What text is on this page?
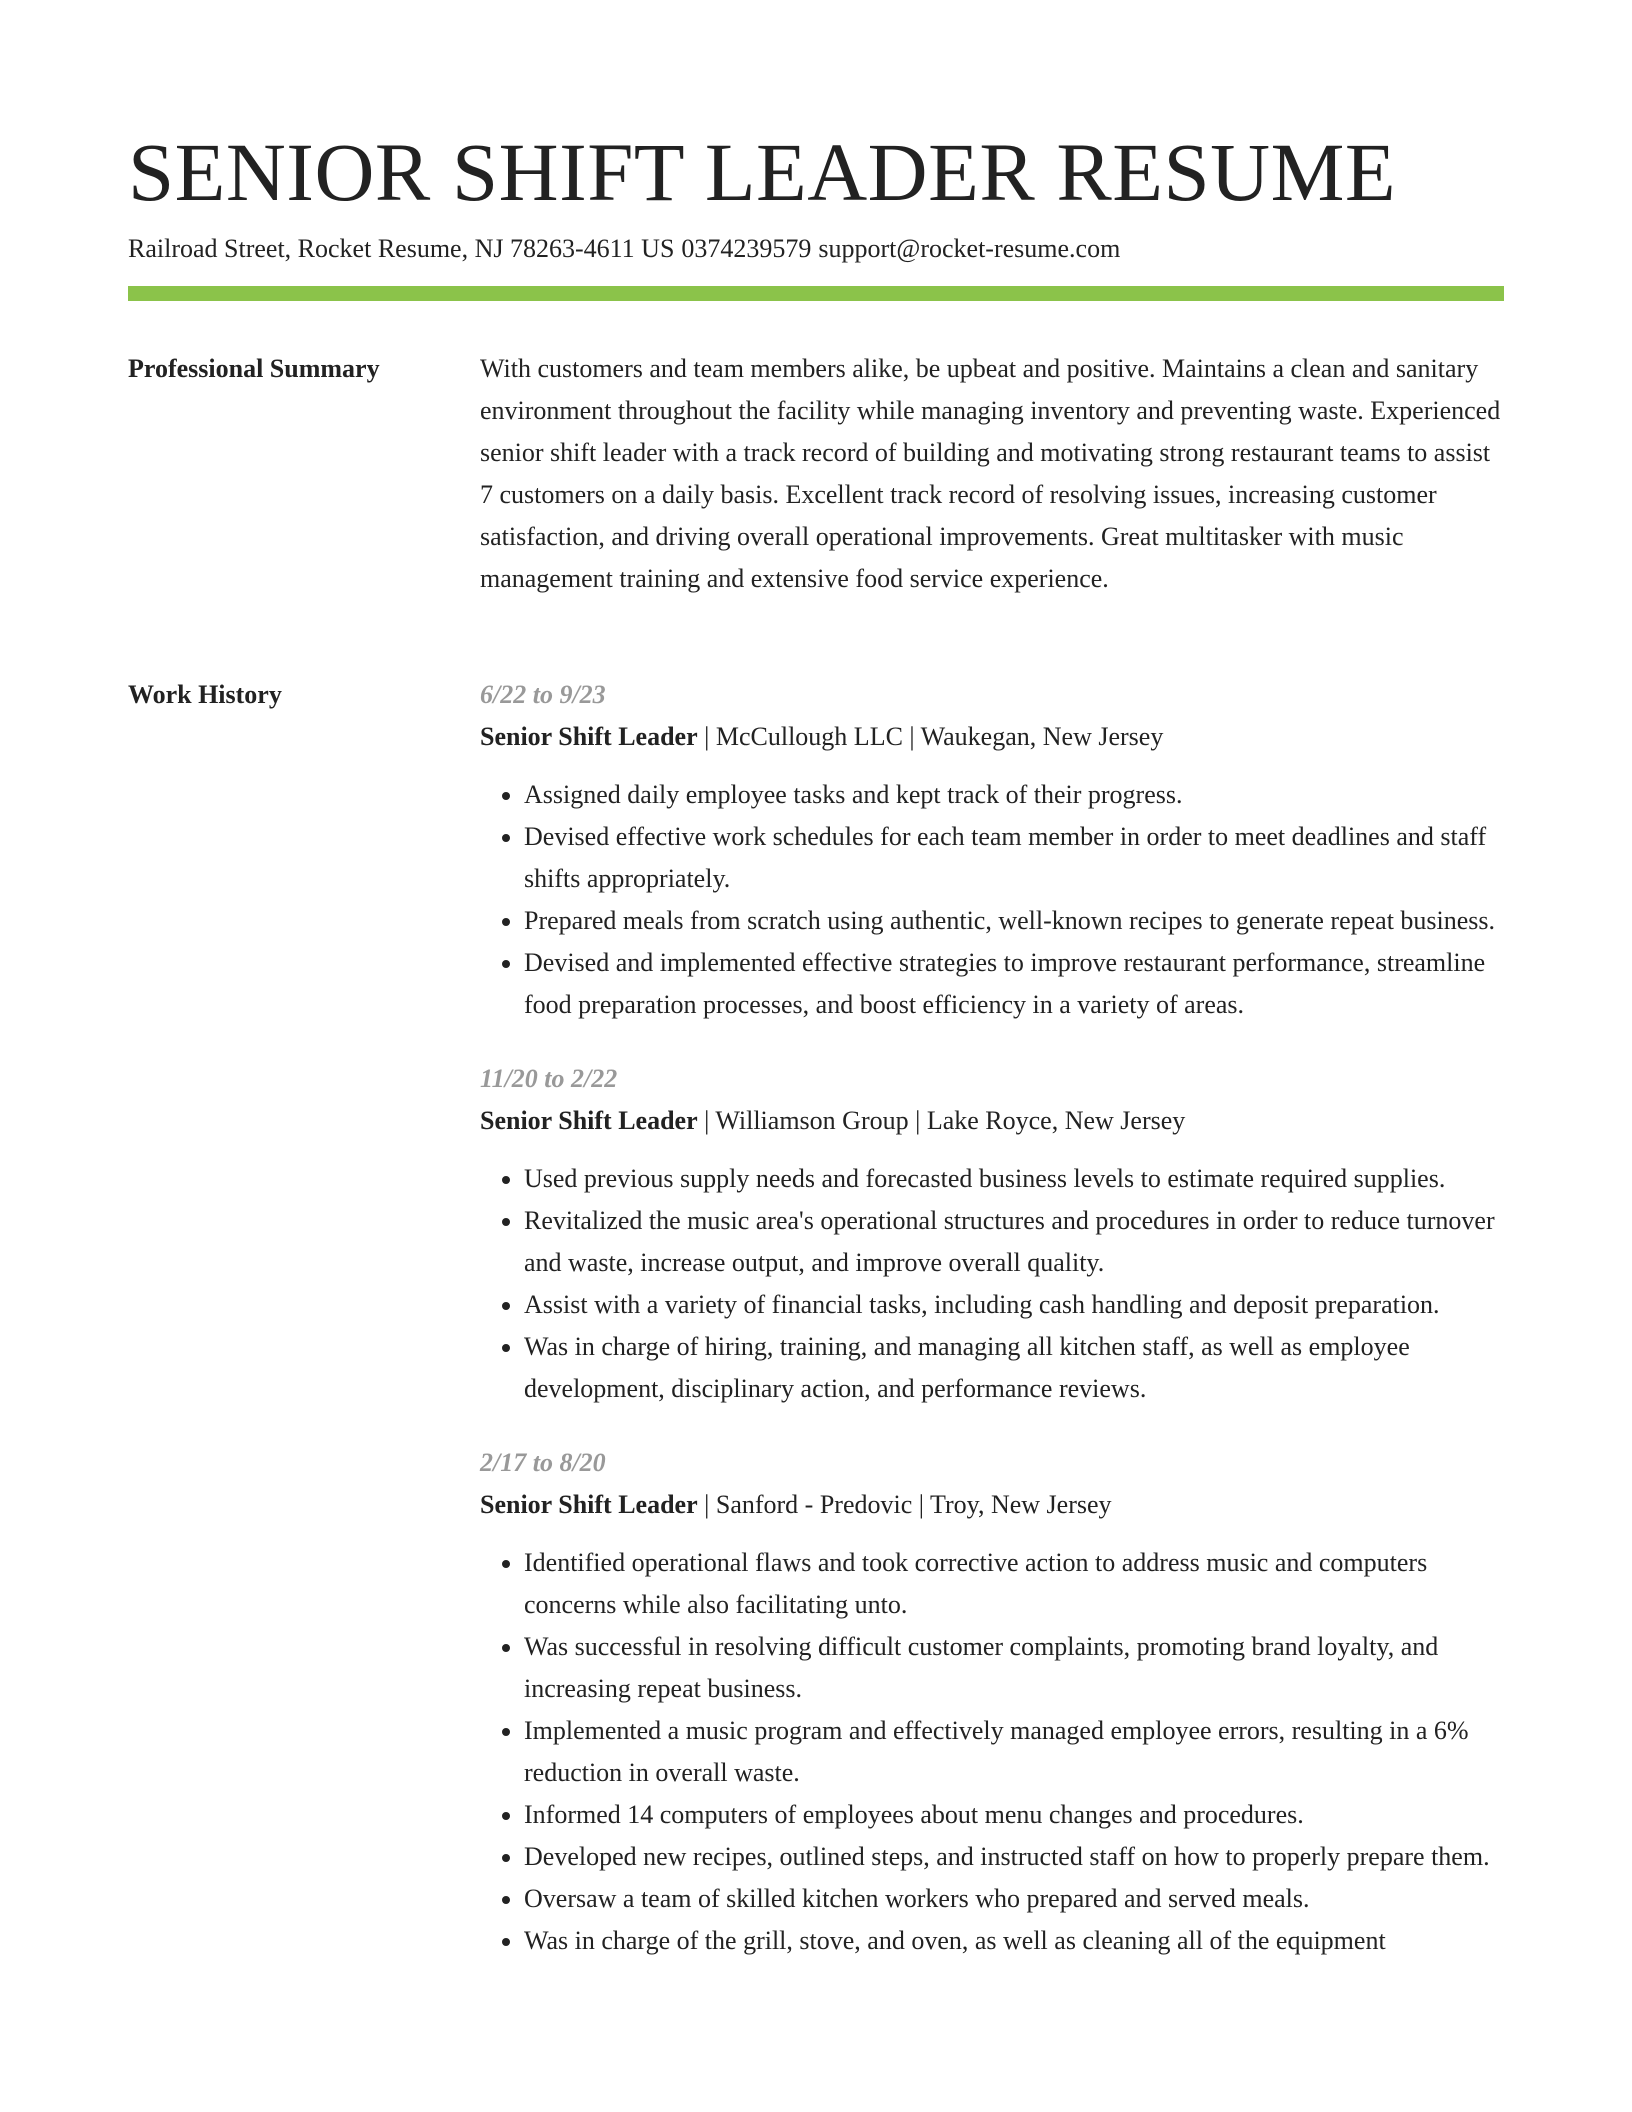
SENIOR SHIFT LEADER RESUME
Railroad Street, Rocket Resume, NJ 78263-4611 US 0374239579 support@rocket-resume.com
Professional Summary	With customers and team members alike, be upbeat and positive. Maintains a clean and sanitary environment throughout the facility while managing inventory and preventing waste. Experienced senior shift leader with a track record of building and motivating strong restaurant teams to assist 7 customers on a daily basis. Excellent track record of resolving issues, increasing customer satisfaction, and driving overall operational improvements. Great multitasker with music management training and extensive food service experience.

Work History	6/22 to 9/23
Senior Shift Leader | McCullough LLC | Waukegan, New Jersey
• Assigned daily employee tasks and kept track of their progress.
• Devised effective work schedules for each team member in order to meet deadlines and staff shifts appropriately.
• Prepared meals from scratch using authentic, well-known recipes to generate repeat business.
• Devised and implemented effective strategies to improve restaurant performance, streamline food preparation processes, and boost efficiency in a variety of areas.
11/20 to 2/22
Senior Shift Leader | Williamson Group | Lake Royce, New Jersey
• Used previous supply needs and forecasted business levels to estimate required supplies.
• Revitalized the music area's operational structures and procedures in order to reduce turnover and waste, increase output, and improve overall quality.
• Assist with a variety of financial tasks, including cash handling and deposit preparation.
• Was in charge of hiring, training, and managing all kitchen staff, as well as employee development, disciplinary action, and performance reviews.
2/17 to 8/20
Senior Shift Leader | Sanford - Predovic | Troy, New Jersey
• Identified operational flaws and took corrective action to address music and computers concerns while also facilitating unto.
• Was successful in resolving difficult customer complaints, promoting brand loyalty, and increasing repeat business.
• Implemented a music program and effectively managed employee errors, resulting in a 6% reduction in overall waste.
• Informed 14 computers of employees about menu changes and procedures.
• Developed new recipes, outlined steps, and instructed staff on how to properly prepare them.
• Oversaw a team of skilled kitchen workers who prepared and served meals.
• Was in charge of the grill, stove, and oven, as well as cleaning all of the equipment
